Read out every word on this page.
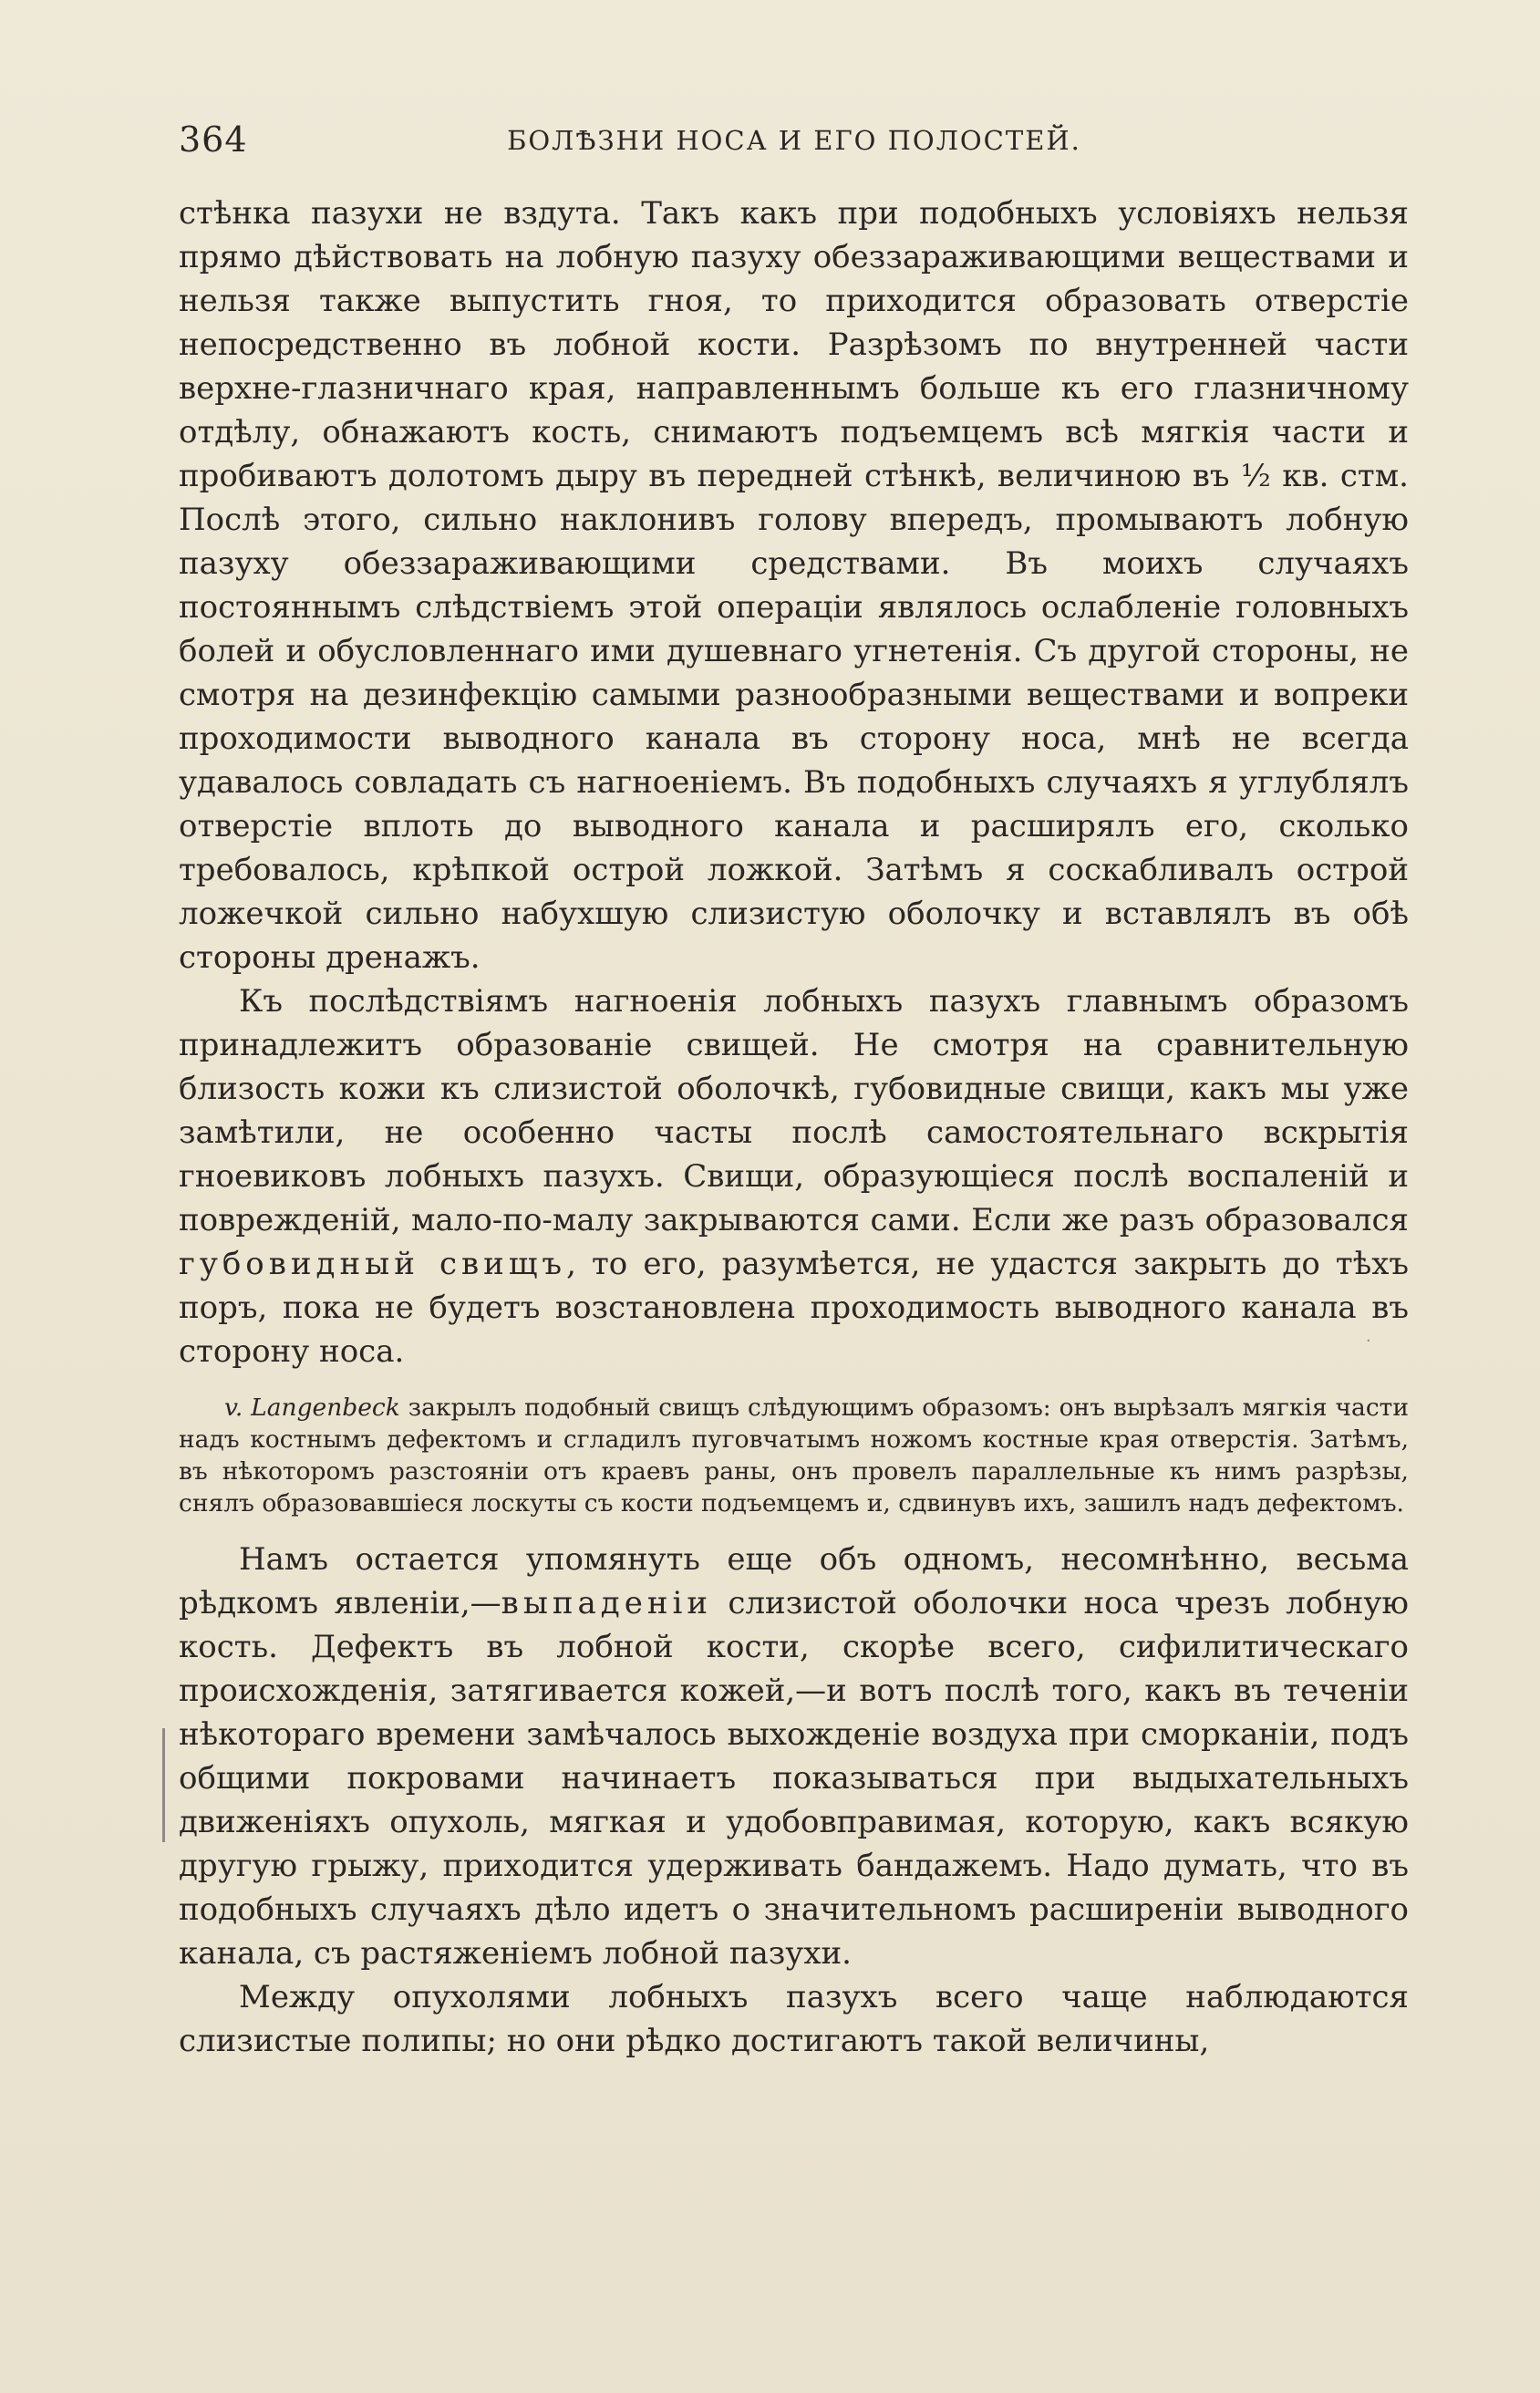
364	БОЛѢЗНИ НОСА И ЕГО ПОЛОСТЕЙ.

стѣнка пазухи не вздута. Такъ какъ при подобныхъ условіяхъ нельзя прямо дѣйствовать на лобную пазуху обеззараживающими веществами и нельзя также выпустить гноя, то приходится образовать отверстіе непосредственно въ лобной кости. Разрѣзомъ по внутренней части верхне-глазничнаго края, направленнымъ больше къ его глазничному отдѣлу, обнажаютъ кость, снимаютъ подъемцемъ всѣ мягкія части и пробиваютъ долотомъ дыру въ передней стѣнкѣ, величиною въ ½ кв. стм. Послѣ этого, сильно наклонивъ голову впередъ, промываютъ лобную пазуху обеззараживающими средствами. Въ моихъ случаяхъ постояннымъ слѣдствіемъ этой операціи являлось ослабленіе головныхъ болей и обусловленнаго ими душевнаго угнетенія. Съ другой стороны, не смотря на дезинфекцію самыми разнообразными веществами и вопреки проходимости выводного канала въ сторону носа, мнѣ не всегда удавалось совладать съ нагноеніемъ. Въ подобныхъ случаяхъ я углублялъ отверстіе вплоть до выводного канала и расширялъ его, сколько требовалось, крѣпкой острой ложкой. Затѣмъ я соскабливалъ острой ложечкой сильно набухшую слизистую оболочку и вставлялъ въ обѣ стороны дренажъ.

Къ послѣдствіямъ нагноенія лобныхъ пазухъ главнымъ образомъ принадлежитъ образованіе свищей. Не смотря на сравнительную близость кожи къ слизистой оболочкѣ, губовидные свищи, какъ мы уже замѣтили, не особенно часты послѣ самостоятельнаго вскрытія гноевиковъ лобныхъ пазухъ. Свищи, образующіеся послѣ воспаленій и поврежденій, мало-по-малу закрываются сами. Если же разъ образовался губовидный свищъ, то его, разумѣется, не удастся закрыть до тѣхъ поръ, пока не будетъ возстановлена проходимость выводного канала въ сторону носа.

v. Langenbeck закрылъ подобный свищъ слѣдующимъ образомъ: онъ вырѣзалъ мягкія части надъ костнымъ дефектомъ и сгладилъ пуговчатымъ ножомъ костные края отверстія. Затѣмъ, въ нѣкоторомъ разстояніи отъ краевъ раны, онъ провелъ параллельные къ нимъ разрѣзы, снялъ образовавшіеся лоскуты съ кости подъемцемъ и, сдвинувъ ихъ, зашилъ надъ дефектомъ.

Намъ остается упомянуть еще объ одномъ, несомнѣнно, весьма рѣдкомъ явленіи,—выпаденіи слизистой оболочки носа чрезъ лобную кость. Дефектъ въ лобной кости, скорѣе всего, сифилитическаго происхожденія, затягивается кожей,—и вотъ послѣ того, какъ въ теченіи нѣкотораго времени замѣчалось выхожденіе воздуха при сморканіи, подъ общими покровами начинаетъ показываться при выдыхательныхъ движеніяхъ опухоль, мягкая и удобовправимая, которую, какъ всякую другую грыжу, приходится удерживать бандажемъ. Надо думать, что въ подобныхъ случаяхъ дѣло идетъ о значительномъ расширеніи выводного канала, съ растяженіемъ лобной пазухи.

Между опухолями лобныхъ пазухъ всего чаще наблюдаются слизистые полипы; но они рѣдко достигаютъ такой величины,

·
